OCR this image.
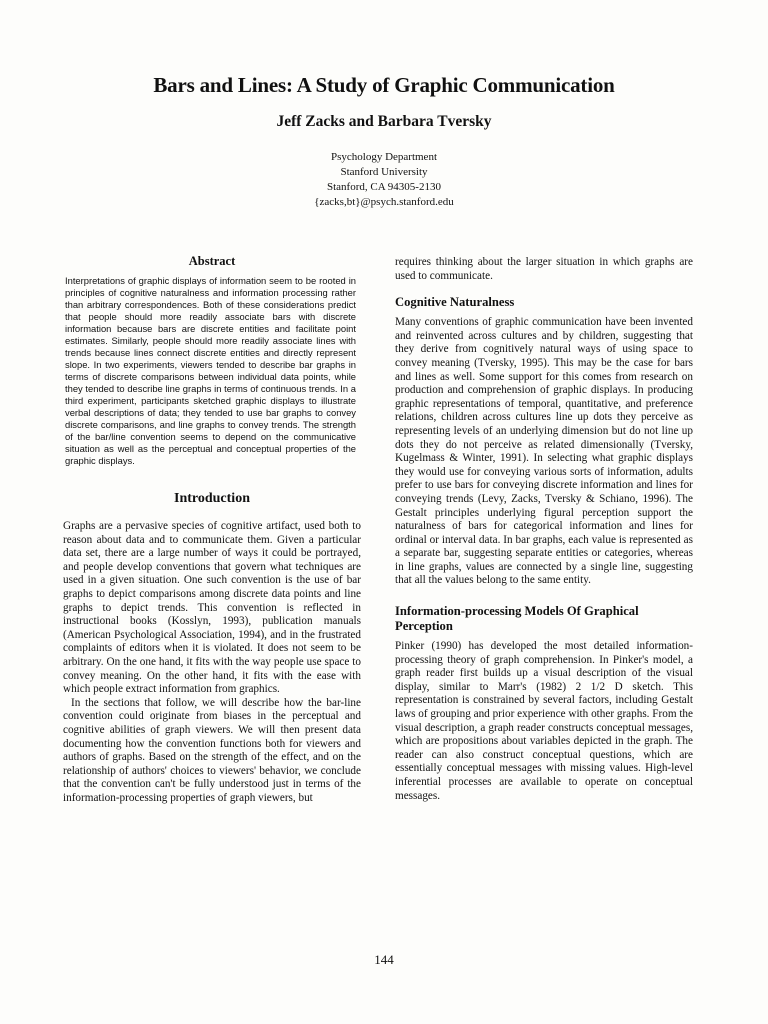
Bars and Lines: A Study of Graphic Communication
Jeff Zacks and Barbara Tversky
Psychology Department
Stanford University
Stanford, CA 94305-2130
{zacks,bt}@psych.stanford.edu
Abstract

Interpretations of graphic displays of information seem to be rooted in principles of cognitive naturalness and information processing rather than arbitrary correspondences. Both of these considerations predict that people should more readily associate bars with discrete information because bars are discrete entities and facilitate point estimates. Similarly, people should more readily associate lines with trends because lines connect discrete entities and directly represent slope. In two experiments, viewers tended to describe bar graphs in terms of discrete comparisons between individual data points, while they tended to describe line graphs in terms of continuous trends. In a third experiment, participants sketched graphic displays to illustrate verbal descriptions of data; they tended to use bar graphs to convey discrete comparisons, and line graphs to convey trends. The strength of the bar/line convention seems to depend on the communicative situation as well as the perceptual and conceptual properties of the graphic displays.

Introduction

Graphs are a pervasive species of cognitive artifact, used both to reason about data and to communicate them. Given a particular data set, there are a large number of ways it could be portrayed, and people develop conventions that govern what techniques are used in a given situation. One such convention is the use of bar graphs to depict comparisons among discrete data points and line graphs to depict trends. This convention is reflected in instructional books (Kosslyn, 1993), publication manuals (American Psychological Association, 1994), and in the frustrated complaints of editors when it is violated. It does not seem to be arbitrary. On the one hand, it fits with the way people use space to convey meaning. On the other hand, it fits with the ease with which people extract information from graphics.

In the sections that follow, we will describe how the bar-line convention could originate from biases in the perceptual and cognitive abilities of graph viewers. We will then present data documenting how the convention functions both for viewers and authors of graphs. Based on the strength of the effect, and on the relationship of authors' choices to viewers' behavior, we conclude that the convention can't be fully understood just in terms of the information-processing properties of graph viewers, but

requires thinking about the larger situation in which graphs are used to communicate.

Cognitive Naturalness

Many conventions of graphic communication have been invented and reinvented across cultures and by children, suggesting that they derive from cognitively natural ways of using space to convey meaning (Tversky, 1995). This may be the case for bars and lines as well. Some support for this comes from research on production and comprehension of graphic displays. In producing graphic representations of temporal, quantitative, and preference relations, children across cultures line up dots they perceive as representing levels of an underlying dimension but do not line up dots they do not perceive as related dimensionally (Tversky, Kugelmass & Winter, 1991). In selecting what graphic displays they would use for conveying various sorts of information, adults prefer to use bars for conveying discrete information and lines for conveying trends (Levy, Zacks, Tversky & Schiano, 1996). The Gestalt principles underlying figural perception support the naturalness of bars for categorical information and lines for ordinal or interval data. In bar graphs, each value is represented as a separate bar, suggesting separate entities or categories, whereas in line graphs, values are connected by a single line, suggesting that all the values belong to the same entity.

Information-processing Models Of Graphical Perception

Pinker (1990) has developed the most detailed information-processing theory of graph comprehension. In Pinker's model, a graph reader first builds up a visual description of the visual display, similar to Marr's (1982) 2 1/2 D sketch. This representation is constrained by several factors, including Gestalt laws of grouping and prior experience with other graphs. From the visual description, a graph reader constructs conceptual messages, which are propositions about variables depicted in the graph. The reader can also construct conceptual questions, which are essentially conceptual messages with missing values. High-level inferential processes are available to operate on conceptual messages.

144
